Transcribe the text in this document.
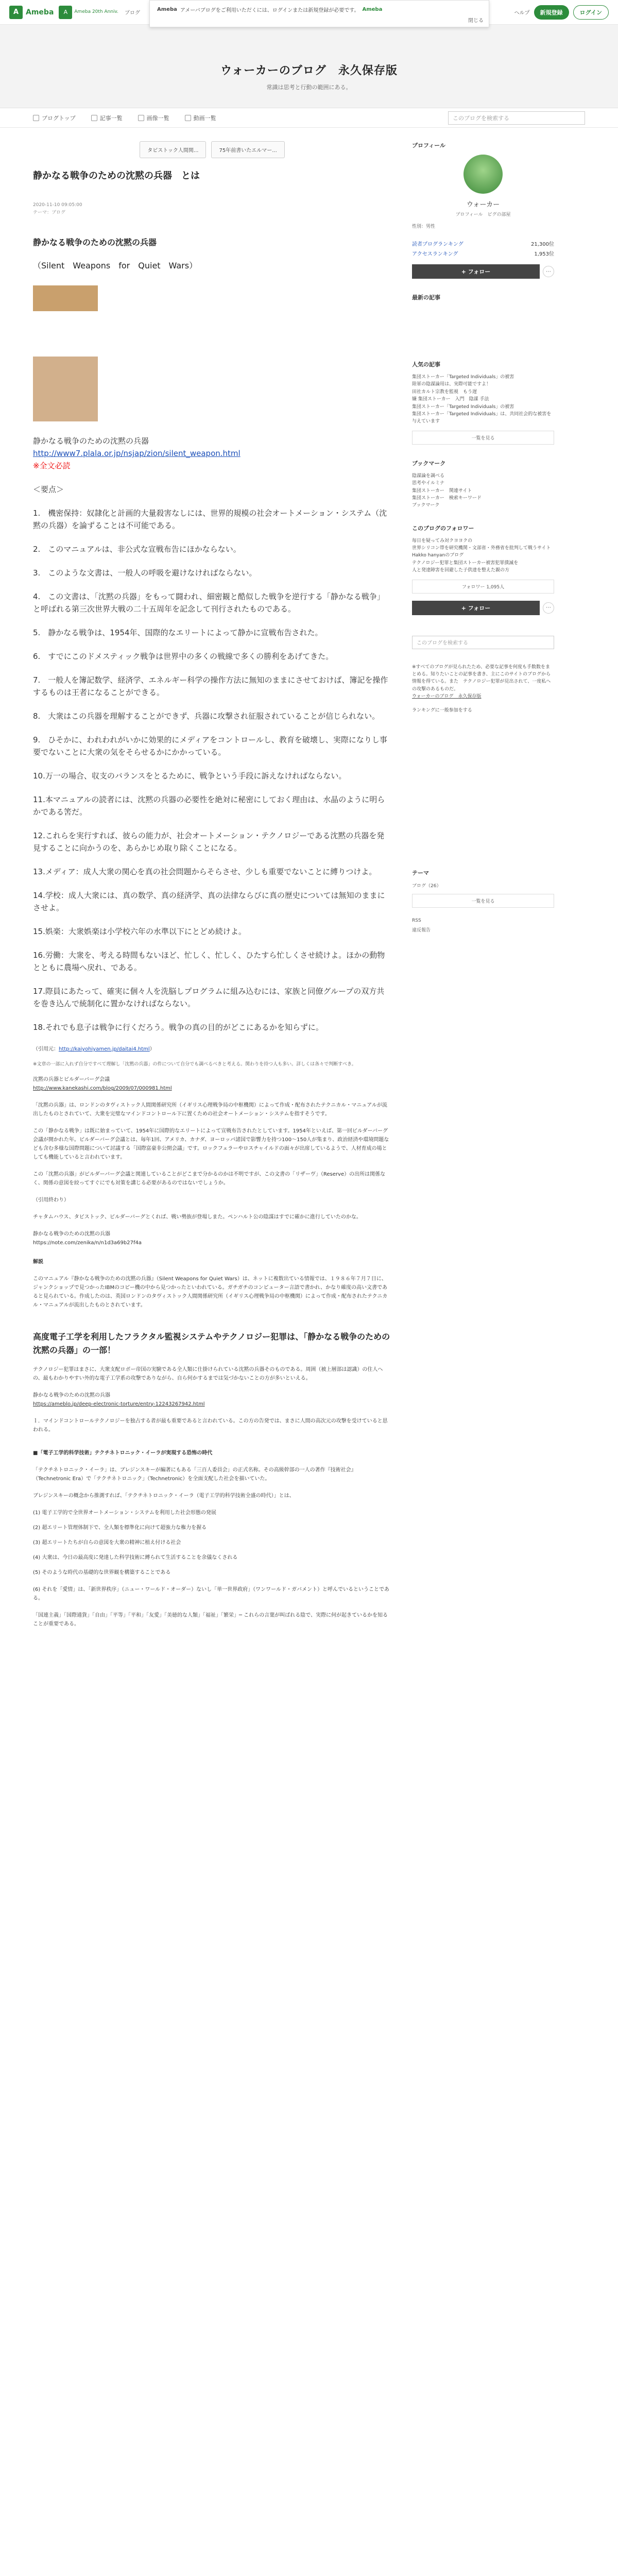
A Ameba	A	Ameba 20th Anniv. ブログ	ヘルプ	新規登録	ログイン
Ameba アメーバブログをご利用いただくには、ログインまたは新規登録が必要です。 Ameba
閉じる
ウォーカーのブログ　永久保存版
常識は思考と行動の範囲にある。
ブログトップ	記事一覧	画像一覧	動画一覧	このブログを検索する
タビストック人間関...	75年前書いたエルマー...
静かなる戦争のための沈黙の兵器　とは
2020-11-10 09:05:00
テーマ：ブログ
静かなる戦争のための沈黙の兵器
（Silent　Weapons　for　Quiet　Wars）
静かなる戦争のための沈黙の兵器
http://www7.plala.or.jp/nsjap/zion/silent_weapon.html
※全文必読
＜要点＞
1.　機密保持：奴隷化と計画的大量殺害なしには、世界的規模の社会オートメーション・システム（沈黙の兵器）を論ずることは不可能である。
2.　このマニュアルは、非公式な宣戦布告にほかならない。
3.　このような文書は、一般人の呼吸を避けなければならない。
4.　この文書は、「沈黙の兵器」をもって闘われ、細密観と酷似した戦争を逆行する「静かなる戦争」と呼ばれる第三次世界大戦の二十五周年を記念して刊行されたものである。
5.　静かなる戦争は、1954年、国際的なエリートによって静かに宣戦布告された。
6.　すでにこのドメスティック戦争は世界中の多くの戦線で多くの勝利をあげてきた。
7.　一般人を簿記数学、経済学、エネルギー科学の操作方法に無知のままにさせておけば、簿記を操作するものは王者になることができる。
8.　大衆はこの兵器を理解することができず、兵器に攻撃され征服されていることが信じられない。
9.　ひそかに、われわれがいかに効果的にメディアをコントロールし、教育を破壊し、実際になりし事要でないことに大衆の気をそらせるかにかかっている。
10.万一の場合、収支のバランスをとるために、戦争という手段に訴えなければならない。
11.本マニュアルの読者には、沈黙の兵器の必要性を絶対に秘密にしておく理由は、水晶のように明らかである筈だ。
12.これらを実行すれば、彼らの能力が、社会オートメーション・テクノロジーである沈黙の兵器を発見することに向かうのを、あらかじめ取り除くことになる。
13.メディア：成人大衆の関心を真の社会問題からそらさせ、少しも重要でないことに縛りつけよ。
14.学校：成人大衆には、真の数学、真の経済学、真の法律ならびに真の歴史については無知のままにさせよ。
15.娯楽：大衆娯楽は小学校六年の水準以下にとどめ続けよ。
16.労働：大衆を、考える時間もないほど、忙しく、忙しく、ひたすら忙しくさせ続けよ。ほかの動物とともに農場へ戻れ、である。
17.際員にあたって、確実に個々人を洗脳しプログラムに組み込むには、家族と同僚グループの双方共を巻き込んで統制化に置かなければならない。
18.それでも息子は戦争に行くだろう。戦争の真の目的がどこにあるかを知らずに。
（引用元：http://kaiyohiyamen.jp/daitai4.html）
※文章の一部に入れず自分ですべて理解し「沈黙の兵器」の件について自分でも調べるべきと考える。関わりを持つ人も多い。詳しくは各々で判断すべき。
沈黙の兵器とビルダーバーグ会議
http://www.kanekashi.com/blog/2009/07/000981.html
「沈黙の兵器」は、ロンドンのタヴィストック人間関係研究所（イギリス心理戦争局の中枢機関）によって作成・配布されたテクニカル・マニュアルが流出したものとされていて、大衆を完璧なマインドコントロール下に置くための社会オートメーション・システムを指すそうです。
この「静かなる戦争」は既に始まっていて、1954年に国際的なエリートによって宣戦布告されたとしています。1954年といえば、第一回ビルダーバーグ会議が開かれた年。ビルダーバーグ会議とは、毎年1回、アメリカ、カナダ、ヨーロッパ諸国で影響力を持つ100〜150人が集まり、政治経済や環境問題なども含む多様な国際問題について討議する「国際富豪非公開会議」です。ロックフェラーやロスチャイルドの面々が出席しているようで、人材育成の場としても機能していると言われています。
この「沈黙の兵器」がビルダーバーグ会議と関連していることがどこまで分かるのかは不明ですが、この文書の「リザーヴ」（Reserve）の出所は関係なく、関係の意図を絞ってすぐにでも対策を講じる必要があるのではないでしょうか。
（引用終わり）
チャタムハウス、タビストック、ビルダーバーグとくれば、戦い勢族が登場しまた。ペンハルト公の陰謀はすでに確かに進行していたのかな。
静かなる戦争のための沈黙の兵器
https://note.com/zenika/n/n1d3a69b27f4a
解説
このマニュアル『静かなる戦争のための沈黙の兵器』（Silent Weapons for Quiet Wars）は、ネットに複数出ている情報では、１９８６年７月７日に、ジャンクショップで見つかったIBMのコピー機の中から見つかったといわれている。ガチガチのコンピューター言語で書かれ、かなり確度の高い文書であると見られている。作成したのは、英国ロンドンのタヴィストック人間関係研究所（イギリス心理戦争局の中枢機関）によって作成・配布されたテクニカル・マニュアルが流出したものとされています。
高度電子工学を利用したフラクタル監視システムやテクノロジー犯罪は、「静かなる戦争のための沈黙の兵器」の一部！
テクノロジー犯罪はまさに、大衆支配ロボー帝国の実験である全人類に仕掛けられている沈黙の兵器そのものである。周囲（被上層部は認識）の住人への、最もわかりやすい外的な電子工学系の攻撃でありながら、自ら何かするまでは気づかないことの方が多いといえる。
静かなる戦争のための沈黙の兵器
https://ameblo.jp/deep-electronic-torture/entry-12243267942.html
ｌ．マインドコントロールテクノロジーを独占する者が最も重要であると言われている。この方の告発では、まさに人間の高次元の攻撃を受けていると思われる。
■「電子工学的科学技術」テクチネトロニック・イーラが実現する恐怖の時代
「テクチネトロニック・イーラ」は、ブレジンスキーが編著にもある「三百人委員会」の正式名称。その高級幹部の一人の著作『技術社会』（Technetronic Era）で「テクチネトロニック」（Technetronic）を全面支配した社会を描いていた。
ブレジンスキーの概念から推測すれば、「テクチネトロニック・イーラ（電子工学的科学技術全盛の時代）」とは、
(1) 電子工学的で全世界オートメーション・システムを利用した社会形態の発展
(2) 超エリート管理体制下で、全人類を標準化に向けて超強力な権力を握る
(3) 超エリートたちが自らの意図を大衆の精神に植え付ける社会
(4) 大衆は、今日の最高度に発達した科学技術に縛られて生活することを余儀なくされる
(5) そのような時代の基礎的な世界観を構築することである
(6) それを「愛情」は、「新世界秩序」（ニュー・ワールド・オーダー）ないし「単一世界政府」（ワンワールド・ガバメント）と呼んでいるということである。
「国連主義」「国際通貨」「自由」「平等」「平和」「友愛」「美徳的な人類」「福祉」「繁栄」─ これらの言葉が叫ばれる陰で、実際に何が起きているかを知ることが重要である。
プロフィール
ウォーカー
ブロフィール　ピグの部屋
性別：男性
読者プログランキング	21,300位
アクセスランキング	1,953位
+ フォロー	⋯
最新の記事
人気の記事
集団ストーカー「Targeted Individuals」の被害
陸軍の陰謀論用は、実際可能ですよ！
田社カルト宗教を監視　もう遅
嫌 集団ストーカー　入門　陰謀 手法
集団ストーカー「Targeted Individuals」の被害
集団ストーカー「Targeted Individuals」は、共同社会的な被害を与えています
一覧を見る
ブックマーク
陰謀論を調べる
思考やイルミナ
集団ストーカー　関連サイト
集団ストーカー　検索キーワード
ブックマーク
このブログのフォロワー
毎日を疑ってみ対クヨヨクの
世界シリコン帯を研究機関・文部省・外務省を批判して戦うサイト
Hakko hanyanのブログ
テクノロジー犯罪と集団ストーカー被害犯罪撲滅を
人と発達障害を回避した子供達を整えた親の方
フォロワー 1,095人
+ フォロー	⋯
このブログを検索する
※すべてのブログが見られたため、必要な記事を何度も手数数をまとめる。知りたいことの記事を書き、主にこのサイトのブログから情報を得ている。また　テクノロジー犯罪が見出されて、一度私への攻撃のあるものだ。
ウォーカーのブログ　永久保存版
ランキングに一般参加をする
テーマ
ブログ（26）
一覧を見る
RSS
違反報告
